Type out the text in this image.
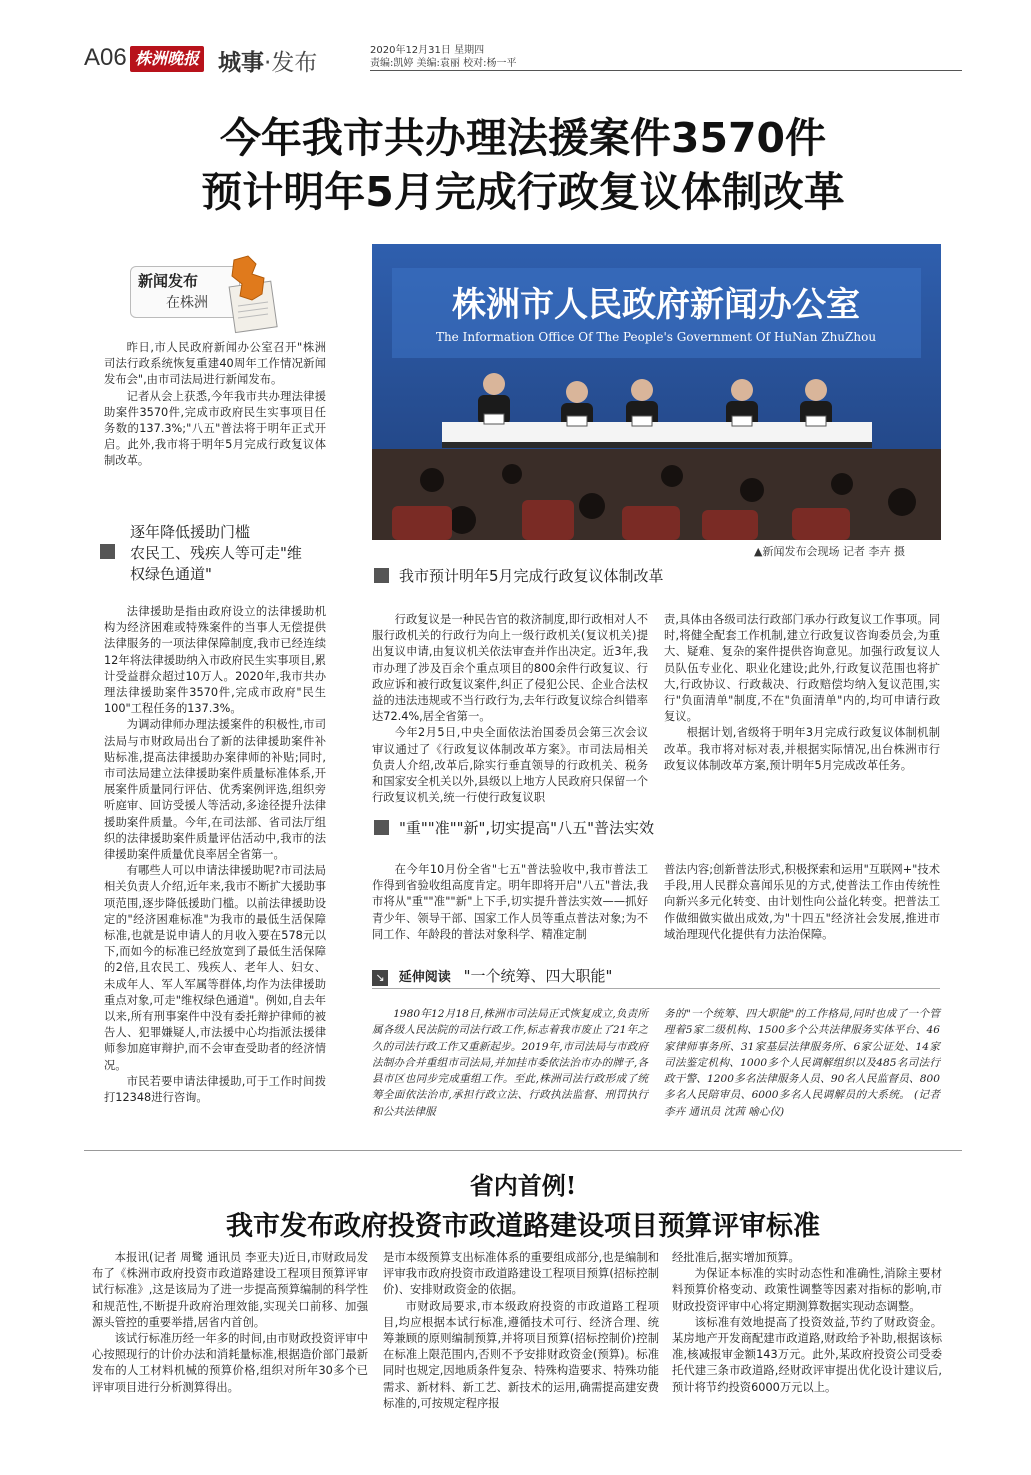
A06 株洲晚报 城事·发布	2020年12月31日 星期四
责编:凯婷 美编:袁丽 校对:杨一平
今年我市共办理法援案件3570件
预计明年5月完成行政复议体制改革
新闻发布
在株洲

昨日,市人民政府新闻办公室召开"株洲司法行政系统恢复重建40周年工作情况新闻发布会",由市司法局进行新闻发布。

记者从会上获悉,今年我市共办理法律援助案件3570件,完成市政府民生实事项目任务数的137.3%;"八五"普法将于明年正式开启。此外,我市将于明年5月完成行政复议体制改革。

逐年降低援助门槛
农民工、残疾人等可走"维
权绿色通道"

法律援助是指由政府设立的法律援助机构为经济困难或特殊案件的当事人无偿提供法律服务的一项法律保障制度,我市已经连续12年将法律援助纳入市政府民生实事项目,累计受益群众超过10万人。2020年,我市共办理法律援助案件3570件,完成市政府"民生100"工程任务的137.3%。

为调动律师办理法援案件的积极性,市司法局与市财政局出台了新的法律援助案件补贴标准,提高法律援助办案律师的补贴;同时,市司法局建立法律援助案件质量标准体系,开展案件质量同行评估、优秀案例评选,组织旁听庭审、回访受援人等活动,多途径提升法律援助案件质量。今年,在司法部、省司法厅组织的法律援助案件质量评估活动中,我市的法律援助案件质量优良率居全省第一。

有哪些人可以申请法律援助呢?市司法局相关负责人介绍,近年来,我市不断扩大援助事项范围,逐步降低援助门槛。以前法律援助设定的"经济困难标准"为我市的最低生活保障标准,也就是说申请人的月收入要在578元以下,而如今的标准已经放宽到了最低生活保障的2倍,且农民工、残疾人、老年人、妇女、未成年人、军人军属等群体,均作为法律援助重点对象,可走"维权绿色通道"。例如,自去年以来,所有刑事案件中没有委托辩护律师的被告人、犯罪嫌疑人,市法援中心均指派法援律师参加庭审辩护,而不会审查受助者的经济情况。

市民若要申请法律援助,可于工作时间拨打12348进行咨询。

株洲市人民政府新闻办公室
The Information Office Of The People's Government Of HuNan ZhuZhou
▲新闻发布会现场 记者 李卉 摄
我市预计明年5月完成行政复议体制改革

行政复议是一种民告官的救济制度,即行政相对人不服行政机关的行政行为向上一级行政机关(复议机关)提出复议申请,由复议机关依法审查并作出决定。近3年,我市办理了涉及百余个重点项目的800余件行政复议、行政应诉和被行政复议案件,纠正了侵犯公民、企业合法权益的违法违规或不当行政行为,去年行政复议综合纠错率达72.4%,居全省第一。

今年2月5日,中央全面依法治国委员会第三次会议审议通过了《行政复议体制改革方案》。市司法局相关负责人介绍,改革后,除实行垂直领导的行政机关、税务和国家安全机关以外,县级以上地方人民政府只保留一个行政复议机关,统一行使行政复议职

责,具体由各级司法行政部门承办行政复议工作事项。同时,将健全配套工作机制,建立行政复议咨询委员会,为重大、疑难、复杂的案件提供咨询意见。加强行政复议人员队伍专业化、职业化建设;此外,行政复议范围也将扩大,行政协议、行政裁决、行政赔偿均纳入复议范围,实行"负面清单"制度,不在"负面清单"内的,均可申请行政复议。

根据计划,省级将于明年3月完成行政复议体制机制改革。我市将对标对表,并根据实际情况,出台株洲市行政复议体制改革方案,预计明年5月完成改革任务。

"重""准""新",切实提高"八五"普法实效

在今年10月份全省"七五"普法验收中,我市普法工作得到省验收组高度肯定。明年即将开启"八五"普法,我市将从"重""准""新"上下手,切实提升普法实效——抓好青少年、领导干部、国家工作人员等重点普法对象;为不同工作、年龄段的普法对象科学、精准定制

普法内容;创新普法形式,积极探索和运用"互联网+"技术手段,用人民群众喜闻乐见的方式,使普法工作由传统性向新兴多元化转变、由计划性向公益化转变。把普法工作做细做实做出成效,为"十四五"经济社会发展,推进市域治理现代化提供有力法治保障。

↘ 延伸阅读 "一个统筹、四大职能"

1980年12月18日,株洲市司法局正式恢复成立,负责所属各级人民法院的司法行政工作,标志着我市废止了21年之久的司法行政工作又重新起步。2019年,市司法局与市政府法制办合并重组市司法局,并加挂市委依法治市办的牌子,各县市区也同步完成重组工作。至此,株洲司法行政形成了统筹全面依法治市,承担行政立法、行政执法监督、刑罚执行和公共法律服

务的"一个统筹、四大职能"的工作格局,同时也成了一个管理着5家二级机构、1500多个公共法律服务实体平台、46家律师事务所、31家基层法律服务所、6家公证处、14家司法鉴定机构、1000多个人民调解组织以及485名司法行政干警、1200多名法律服务人员、90名人民监督员、800多名人民陪审员、6000多名人民调解员的大系统。 (记者 李卉 通讯员 沈茜 喻心仪)

省内首例!
我市发布政府投资市政道路建设项目预算评审标准

本报讯(记者 周鹭 通讯员 李亚夫)近日,市财政局发布了《株洲市政府投资市政道路建设工程项目预算评审试行标准》,这是该局为了进一步提高预算编制的科学性和规范性,不断提升政府治理效能,实现关口前移、加强源头管控的重要举措,居省内首创。

该试行标准历经一年多的时间,由市财政投资评审中心按照现行的计价办法和消耗量标准,根据造价部门最新发布的人工材料机械的预算价格,组织对所年30多个已评审项目进行分析测算得出。

是市本级预算支出标准体系的重要组成部分,也是编制和评审我市政府投资市政道路建设工程项目预算(招标控制价)、安排财政资金的依据。

市财政局要求,市本级政府投资的市政道路工程项目,均应根据本试行标准,遵循技术可行、经济合理、统筹兼顾的原则编制预算,并将项目预算(招标控制价)控制在标准上限范围内,否则不予安排财政资金(预算)。标准同时也规定,因地质条件复杂、特殊构造要求、特殊功能需求、新材料、新工艺、新技术的运用,确需提高建安费标准的,可按规定程序报

经批准后,据实增加预算。

为保证本标准的实时动态性和准确性,消除主要材料预算价格变动、政策性调整等因素对指标的影响,市财政投资评审中心将定期测算数据实现动态调整。

该标准有效地提高了投资效益,节约了财政资金。某房地产开发商配建市政道路,财政给予补助,根据该标准,核减报审金额143万元。此外,某政府投资公司受委托代建三条市政道路,经财政评审提出优化设计建议后,预计将节约投资6000万元以上。
